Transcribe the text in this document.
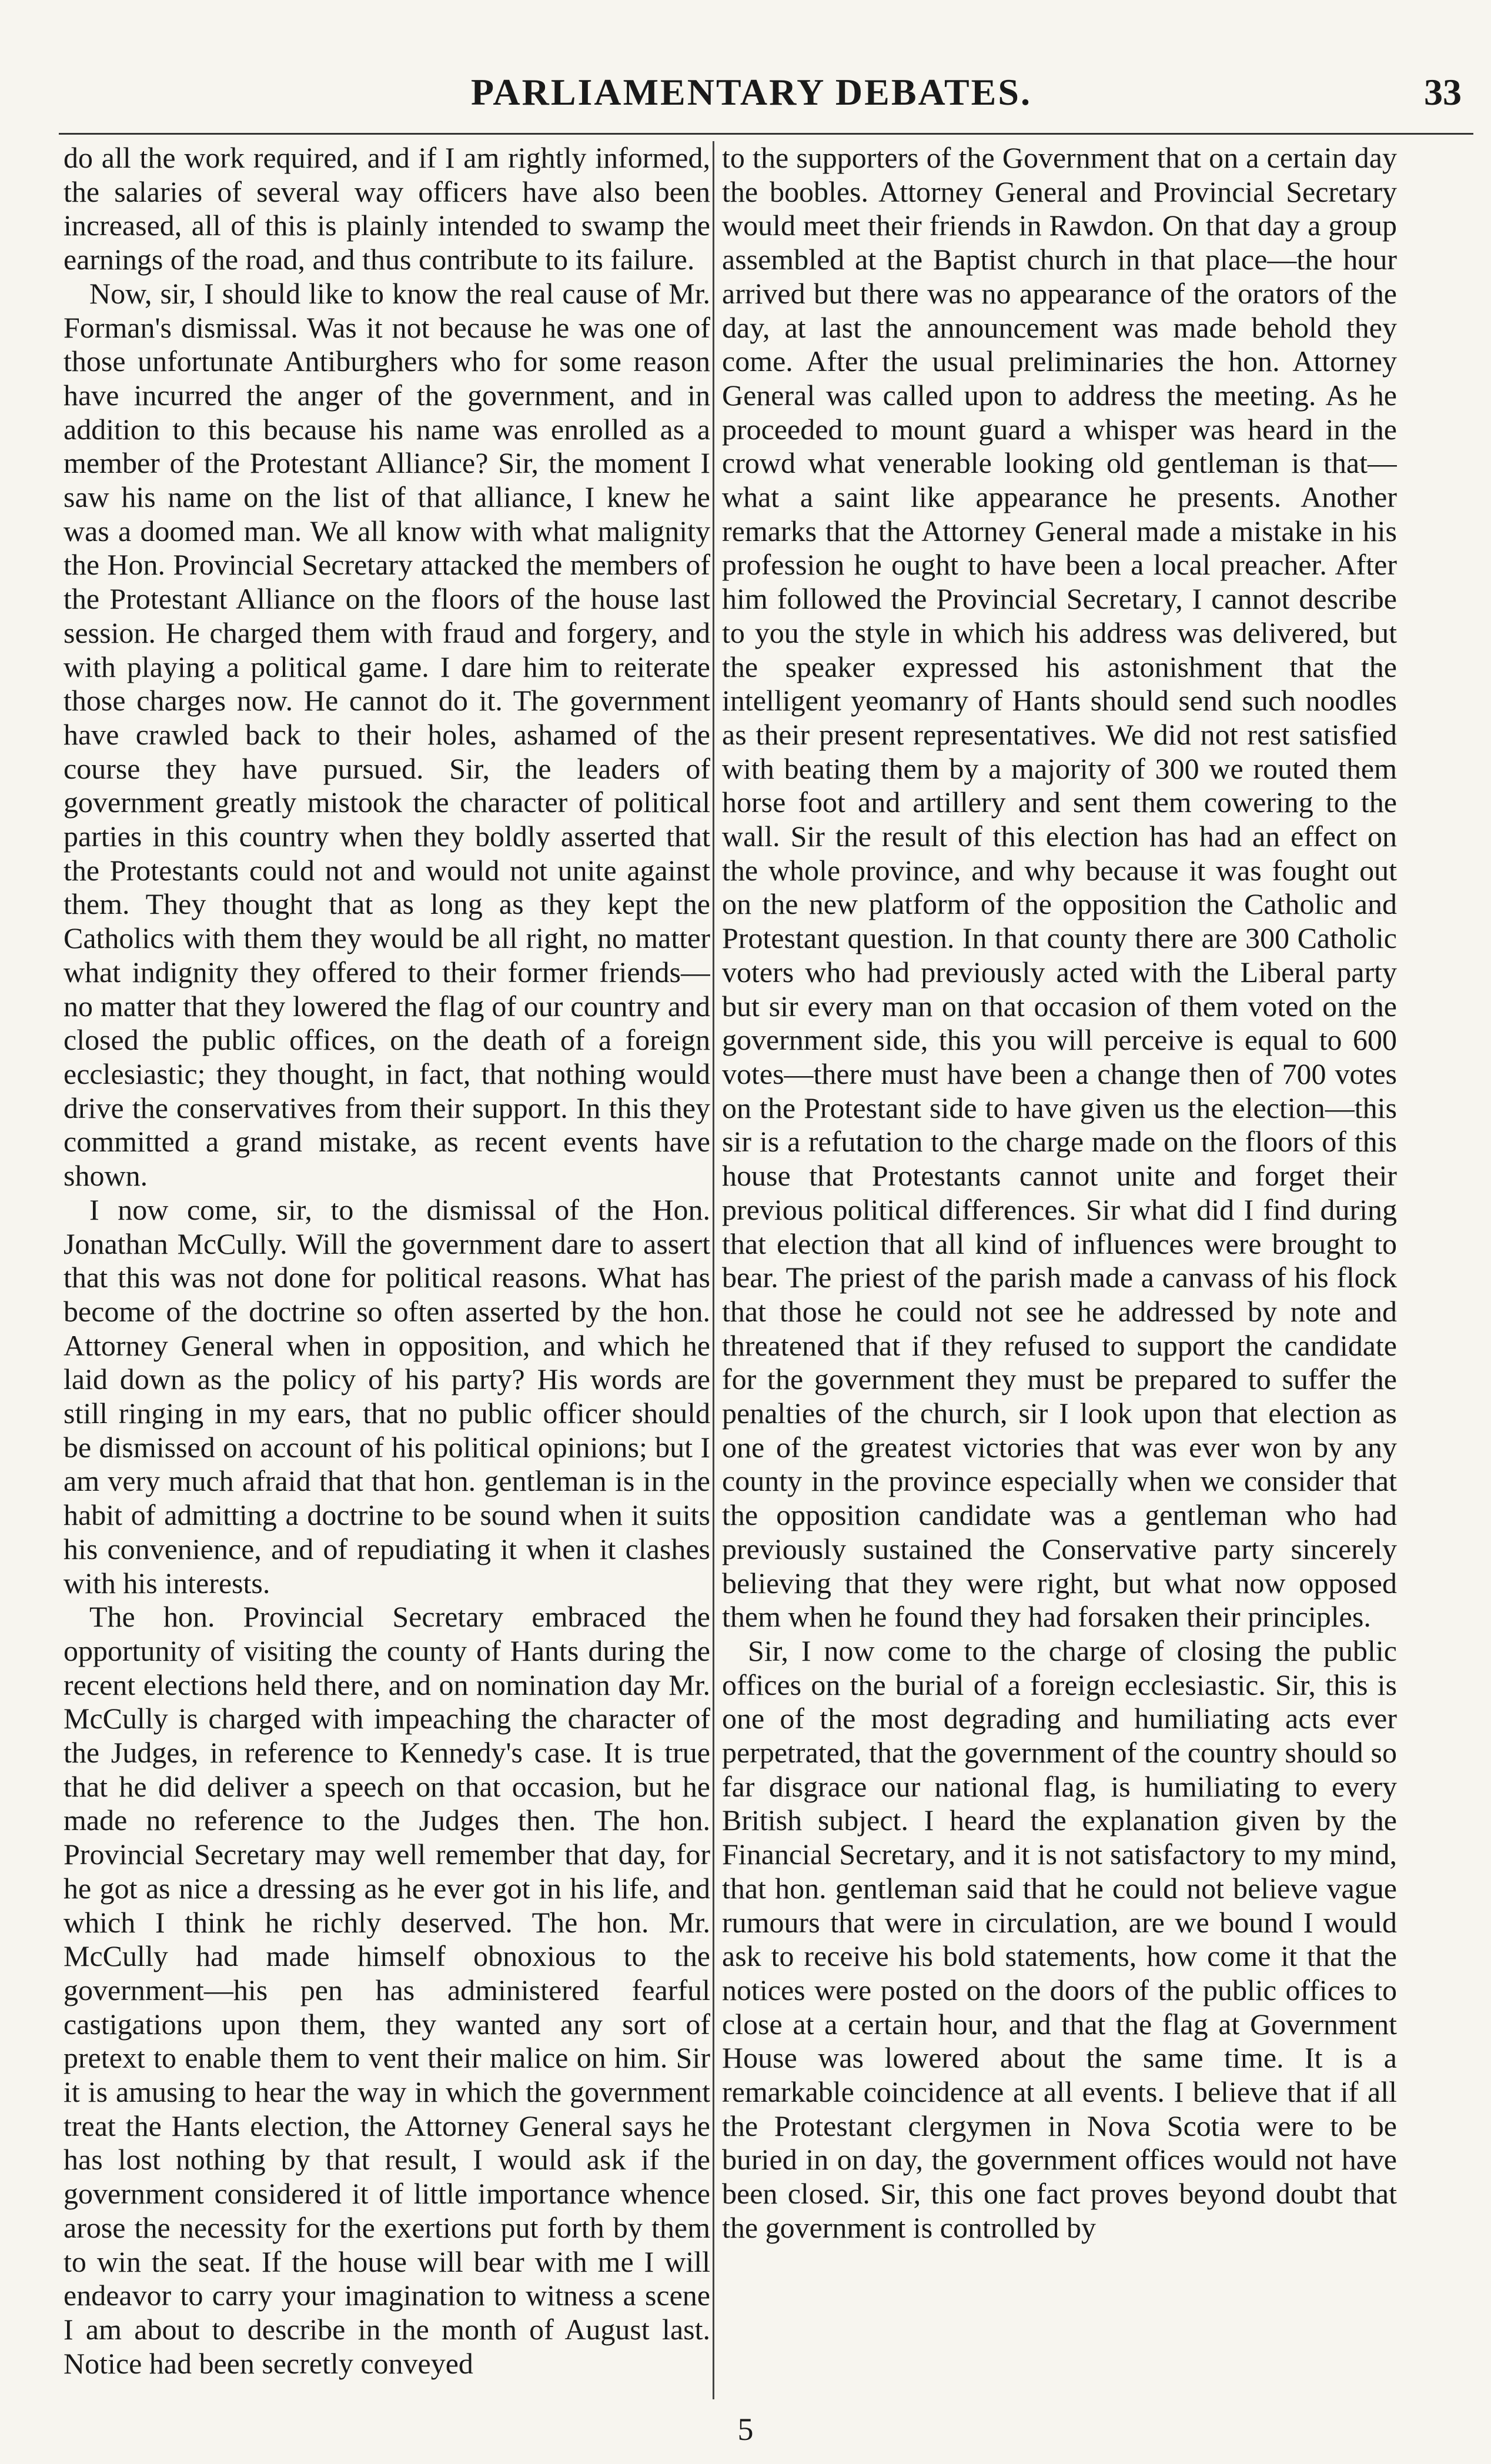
PARLIAMENTARY DEBATES.	33

do all the work required, and if I am rightly informed, the salaries of several way officers have also been increased, all of this is plainly intended to swamp the earnings of the road, and thus contribute to its failure.

Now, sir, I should like to know the real cause of Mr. Forman's dismissal. Was it not because he was one of those unfortunate Antiburghers who for some reason have incurred the anger of the government, and in addition to this because his name was enrolled as a member of the Protestant Alliance? Sir, the moment I saw his name on the list of that alliance, I knew he was a doomed man. We all know with what malignity the Hon. Provincial Secretary attacked the members of the Protestant Alliance on the floors of the house last session. He charged them with fraud and forgery, and with playing a political game. I dare him to reiterate those charges now. He cannot do it. The government have crawled back to their holes, ashamed of the course they have pursued. Sir, the leaders of government greatly mistook the character of political parties in this country when they boldly asserted that the Protestants could not and would not unite against them. They thought that as long as they kept the Catholics with them they would be all right, no matter what indignity they offered to their former friends—no matter that they lowered the flag of our country and closed the public offices, on the death of a foreign ecclesiastic; they thought, in fact, that nothing would drive the conservatives from their support. In this they committed a grand mistake, as recent events have shown.

I now come, sir, to the dismissal of the Hon. Jonathan McCully. Will the government dare to assert that this was not done for political reasons. What has become of the doctrine so often asserted by the hon. Attorney General when in opposition, and which he laid down as the policy of his party? His words are still ringing in my ears, that no public officer should be dismissed on account of his political opinions; but I am very much afraid that that hon. gentleman is in the habit of admitting a doctrine to be sound when it suits his convenience, and of repudiating it when it clashes with his interests.

The hon. Provincial Secretary embraced the opportunity of visiting the county of Hants during the recent elections held there, and on nomination day Mr. McCully is charged with impeaching the character of the Judges, in reference to Kennedy's case. It is true that he did deliver a speech on that occasion, but he made no reference to the Judges then. The hon. Provincial Secretary may well remember that day, for he got as nice a dressing as he ever got in his life, and which I think he richly deserved. The hon. Mr. McCully had made himself obnoxious to the government—his pen has administered fearful castigations upon them, they wanted any sort of pretext to enable them to vent their malice on him. Sir it is amusing to hear the way in which the government treat the Hants election, the Attorney General says he has lost nothing by that result, I would ask if the government considered it of little importance whence arose the necessity for the exertions put forth by them to win the seat. If the house will bear with me I will endeavor to carry your imagination to witness a scene I am about to describe in the month of August last. Notice had been secretly conveyed

to the supporters of the Government that on a certain day the boobles. Attorney General and Provincial Secretary would meet their friends in Rawdon. On that day a group assembled at the Baptist church in that place—the hour arrived but there was no appearance of the orators of the day, at last the announcement was made behold they come. After the usual preliminaries the hon. Attorney General was called upon to address the meeting. As he proceeded to mount guard a whisper was heard in the crowd what venerable looking old gentleman is that—what a saint like appearance he presents. Another remarks that the Attorney General made a mistake in his profession he ought to have been a local preacher. After him followed the Provincial Secretary, I cannot describe to you the style in which his address was delivered, but the speaker expressed his astonishment that the intelligent yeomanry of Hants should send such noodles as their present representatives. We did not rest satisfied with beating them by a majority of 300 we routed them horse foot and artillery and sent them cowering to the wall. Sir the result of this election has had an effect on the whole province, and why because it was fought out on the new platform of the opposition the Catholic and Protestant question. In that county there are 300 Catholic voters who had previously acted with the Liberal party but sir every man on that occasion of them voted on the government side, this you will perceive is equal to 600 votes—there must have been a change then of 700 votes on the Protestant side to have given us the election—this sir is a refutation to the charge made on the floors of this house that Protestants cannot unite and forget their previous political differences. Sir what did I find during that election that all kind of influences were brought to bear. The priest of the parish made a canvass of his flock that those he could not see he addressed by note and threatened that if they refused to support the candidate for the government they must be prepared to suffer the penalties of the church, sir I look upon that election as one of the greatest victories that was ever won by any county in the province especially when we consider that the opposition candidate was a gentleman who had previously sustained the Conservative party sincerely believing that they were right, but what now opposed them when he found they had forsaken their principles.

Sir, I now come to the charge of closing the public offices on the burial of a foreign ecclesiastic. Sir, this is one of the most degrading and humiliating acts ever perpetrated, that the government of the country should so far disgrace our national flag, is humiliating to every British subject. I heard the explanation given by the Financial Secretary, and it is not satisfactory to my mind, that hon. gentleman said that he could not believe vague rumours that were in circulation, are we bound I would ask to receive his bold statements, how come it that the notices were posted on the doors of the public offices to close at a certain hour, and that the flag at Government House was lowered about the same time. It is a remarkable coincidence at all events. I believe that if all the Protestant clergymen in Nova Scotia were to be buried in on day, the government offices would not have been closed. Sir, this one fact proves beyond doubt that the government is controlled by

5
